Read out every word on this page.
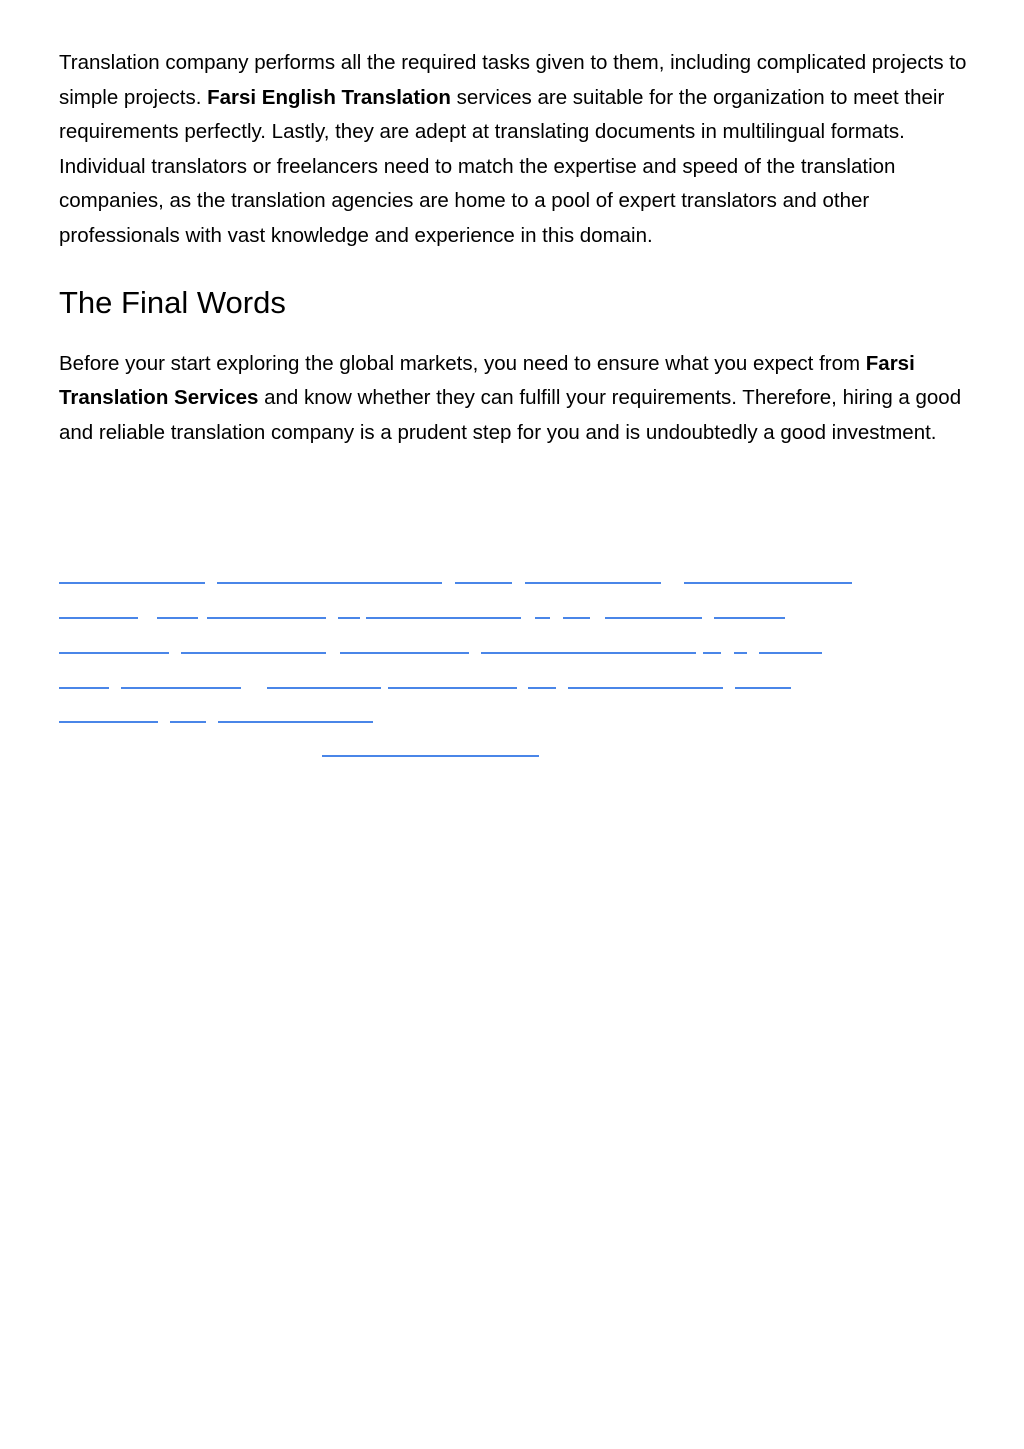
Translation company performs all the required tasks given to them, including complicated projects to simple projects. Farsi English Translation services are suitable for the organization to meet their requirements perfectly. Lastly, they are adept at translating documents in multilingual formats.

Individual translators or freelancers need to match the expertise and speed of the translation companies, as the translation agencies are home to a pool of expert translators and other professionals with vast knowledge and experience in this domain.

The Final Words

Before your start exploring the global markets, you need to ensure what you expect from Farsi Translation Services and know whether they can fulfill your requirements. Therefore, hiring a good and reliable translation company is a prudent step for you and is undoubtedly a good investment.
